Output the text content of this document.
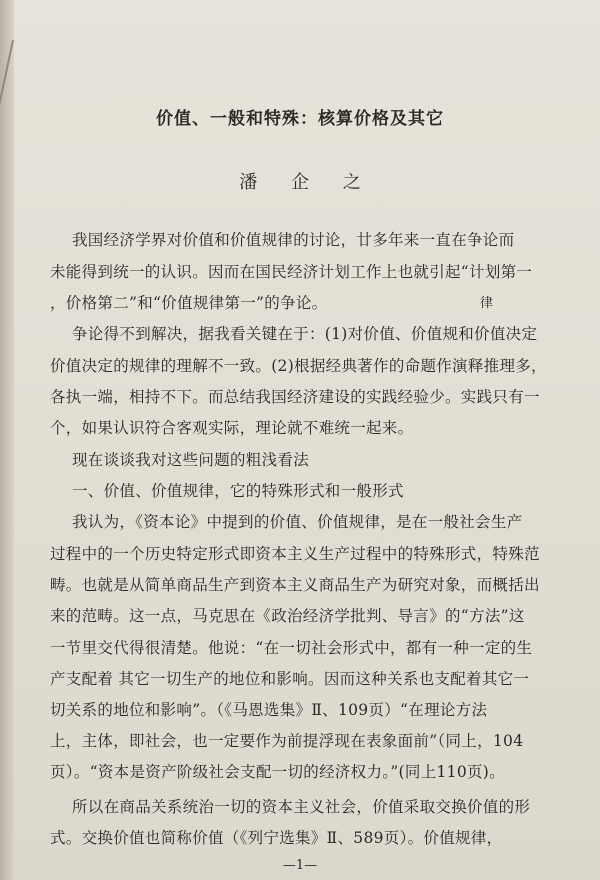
价值、一般和特殊：核算价格及其它
潘 企 之
我国经济学界对价值和价值规律的讨论，廿多年来一直在争论而
未能得到统一的认识。因而在国民经济计划工作上也就引起“计划第一
，价格第二”和“价值规律第一”的争论。	律
争论得不到解决，据我看关键在于：(1)对价值、价值规和价值决定
价值决定的规律的理解不一致。(2)根据经典著作的命题作演释推理多，
各执一端，相持不下。而总结我国经济建设的实践经验少。实践只有一
个，如果认识符合客观实际，理论就不难统一起来。
现在谈谈我对这些问题的粗浅看法
一、价值、价值规律，它的特殊形式和一般形式
我认为，《资本论》中提到的价值、价值规律，是在一般社会生产
过程中的一个历史特定形式即资本主义生产过程中的特殊形式，特殊范
畴。也就是从简单商品生产到资本主义商品生产为研究对象，而概括出
来的范畴。这一点，马克思在《政治经济学批判、导言》的“方法”这
一节里交代得很清楚。他说：“在一切社会形式中，都有一种一定的生
产支配着 其它一切生产的地位和影响。因而这种关系也支配着其它一
切关系的地位和影响”。（《马恩选集》Ⅱ、109页）“在理论方法
上，主体，即社会，也一定要作为前提浮现在表象面前”（同上，104
页）。“资本是资产阶级社会支配一切的经济权力。”(同上110页)。
所以在商品关系统治一切的资本主义社会，价值采取交换价值的形
式。交换价值也简称价值（《列宁选集》Ⅱ、589页）。价值规律，
—1—
